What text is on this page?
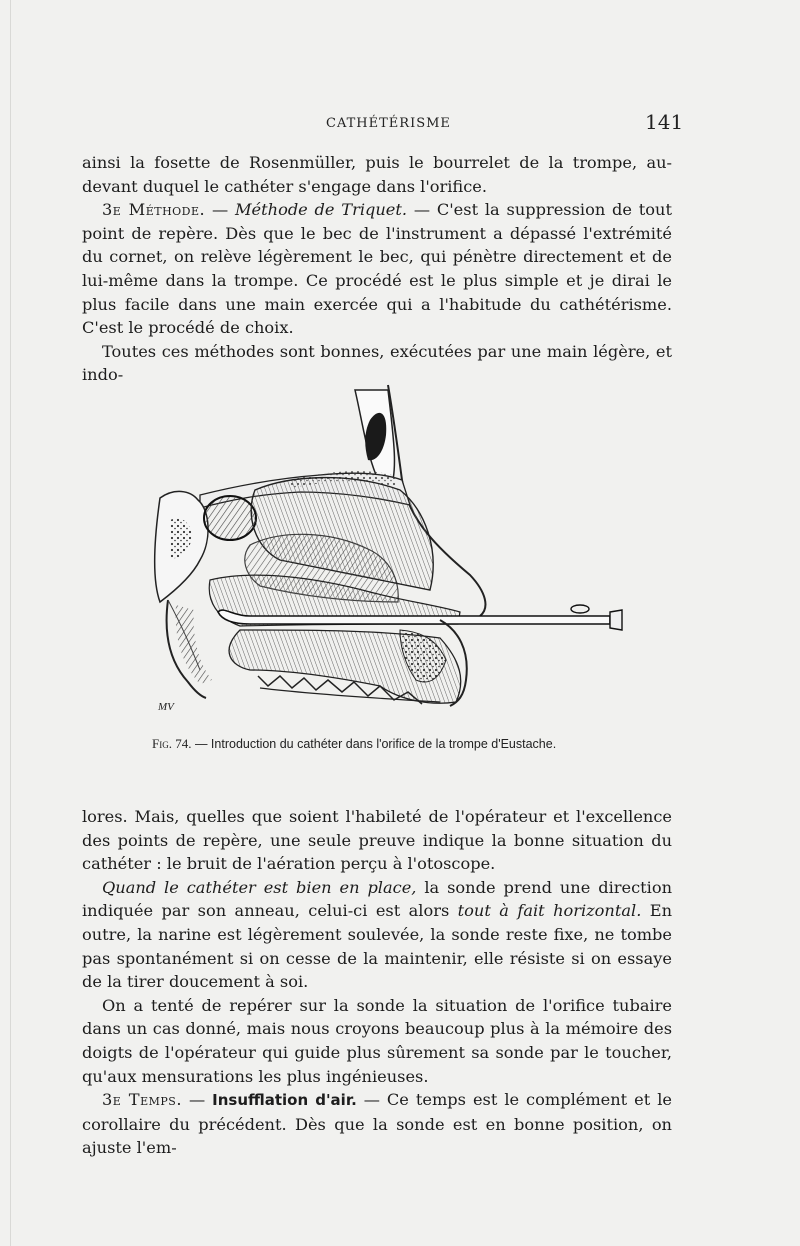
CATHÉTÉRISME	141

ainsi la fosette de Rosenmüller, puis le bourrelet de la trompe, au-devant duquel le cathéter s'engage dans l'orifice.

3e Méthode. — Méthode de Triquet. — C'est la suppression de tout point de repère. Dès que le bec de l'instrument a dépassé l'extrémité du cornet, on relève légèrement le bec, qui pénètre directement et de lui-même dans la trompe. Ce procédé est le plus simple et je dirai le plus facile dans une main exercée qui a l'habitude du cathétérisme. C'est le procédé de choix.

Toutes ces méthodes sont bonnes, exécutées par une main légère, et indo-

MV
Fig. 74. — Introduction du cathéter dans l'orifice de la trompe d'Eustache.

lores. Mais, quelles que soient l'habileté de l'opérateur et l'excellence des points de repère, une seule preuve indique la bonne situation du cathéter : le bruit de l'aération perçu à l'otoscope.

Quand le cathéter est bien en place, la sonde prend une direction indiquée par son anneau, celui-ci est alors tout à fait horizontal. En outre, la narine est légèrement soulevée, la sonde reste fixe, ne tombe pas spontanément si on cesse de la maintenir, elle résiste si on essaye de la tirer doucement à soi.

On a tenté de repérer sur la sonde la situation de l'orifice tubaire dans un cas donné, mais nous croyons beaucoup plus à la mémoire des doigts de l'opérateur qui guide plus sûrement sa sonde par le toucher, qu'aux mensurations les plus ingénieuses.

3e Temps. — Insufflation d'air. — Ce temps est le complément et le corollaire du précédent. Dès que la sonde est en bonne position, on ajuste l'em-
